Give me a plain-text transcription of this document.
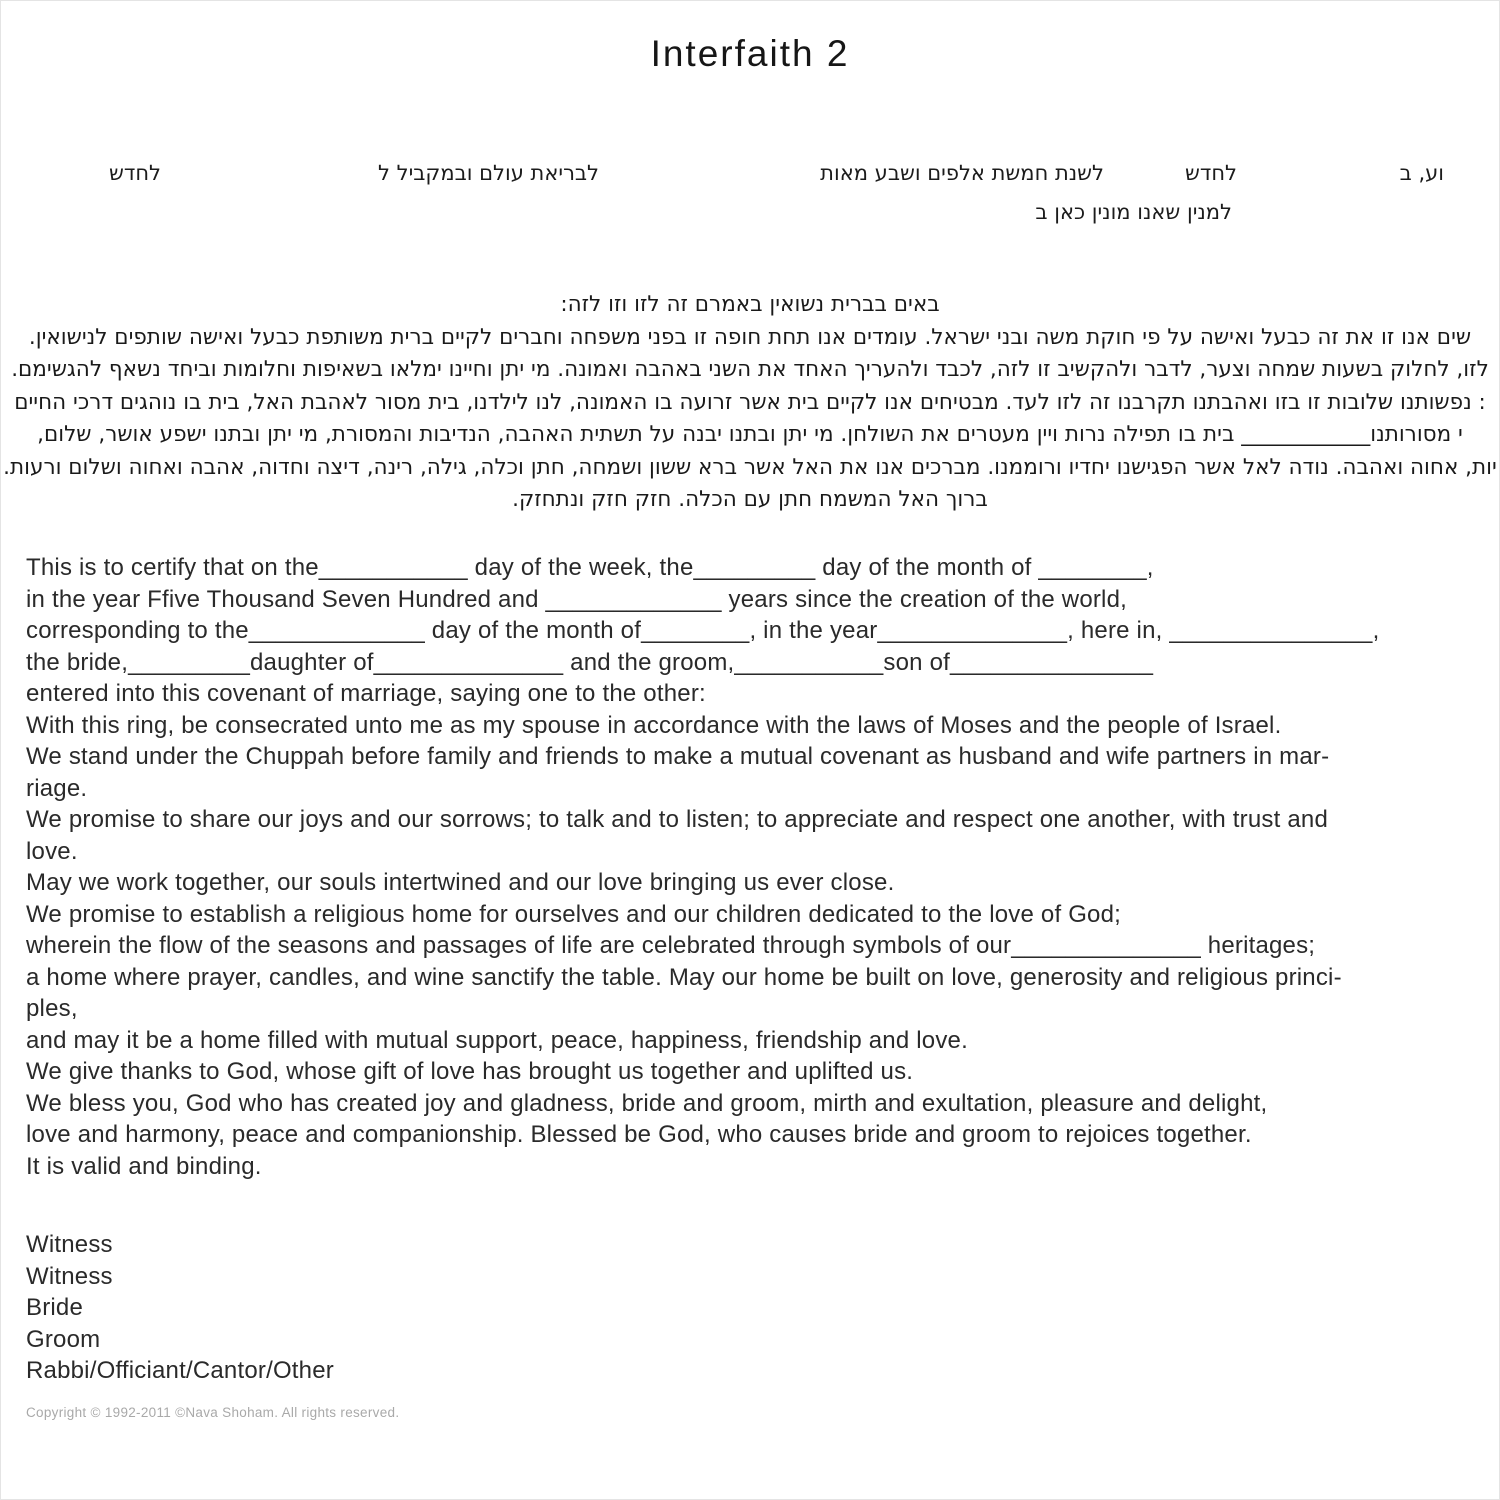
Interfaith 2
וע, ב
לחדש
לשנת חמשת אלפים ושבע מאות
לבריאת עולם ובמקביל ל
לחדש
למנין שאנו מונין כאן ב
באים בברית נשואין באמרם זה לזו וזו לזה:
שים אנו זו את זה כבעל ואישה על פי חוקת משה ובני ישראל. עומדים אנו תחת חופה זו בפני משפחה וחברים לקיים ברית משותפת כבעל ואישה שותפים לנישואין.
לזו, לחלוק בשעות שמחה וצער, לדבר ולהקשיב זו לזה, לכבד ולהעריך האחד את השני באהבה ואמונה. מי יתן וחיינו ימלאו בשאיפות וחלומות וביחד נשאף להגשימם.
: נפשותנו שלובות זו בזו ואהבתנו תקרבנו זה לזו לעד. מבטיחים אנו לקיים בית אשר זרועה בו האמונה, לנו לילדנו, בית מסור לאהבת האל, בית בו נוהגים דרכי החיים
י מסורותנו____________ בית בו תפילה נרות ויין מעטרים את השולחן. מי יתן ובתנו יבנה על תשתית האהבה, הנדיבות והמסורת, מי יתן ובתנו ישפע אושר, שלום,
יות, אחוה ואהבה. נודה לאל אשר הפגישנו יחדיו ורוממנו. מברכים אנו את האל אשר ברא ששון ושמחה, חתן וכלה, גילה, רינה, דיצה וחדוה, אהבה ואחוה ושלום ורעות.
ברוך האל המשמח חתן עם הכלה. חזק חזק ונתחזק.
This is to certify that on the___________ day of the week, the_________ day of the month of ________,
in the year Ffive Thousand Seven Hundred and _____________ years since the creation of the world,
corresponding to the_____________ day of the month of________, in the year______________, here in, _______________,
the bride,_________daughter of______________ and the groom,___________son of_______________
entered into this covenant of marriage, saying one to the other:
With this ring, be consecrated unto me as my spouse in accordance with the laws of Moses and the people of Israel.
We stand under the Chuppah before family and friends to make a mutual covenant as husband and wife partners in mar-
riage.
We promise to share our joys and our sorrows; to talk and to listen; to appreciate and respect one another, with trust and
love.
May we work together, our souls intertwined and our love bringing us ever close.
We promise to establish a religious home for ourselves and our children dedicated to the love of God;
wherein the flow of the seasons and passages of life are celebrated through symbols of our______________ heritages;
a home where prayer, candles, and wine sanctify the table. May our home be built on love, generosity and religious princi-
ples,
and may it be a home filled with mutual support, peace, happiness, friendship and love.
We give thanks to God, whose gift of love has brought us together and uplifted us.
We bless you, God who has created joy and gladness, bride and groom, mirth and exultation, pleasure and delight,
love and harmony, peace and companionship. Blessed be God, who causes bride and groom to rejoices together.
It is valid and binding.
Witness
Witness
Bride
Groom
Rabbi/Officiant/Cantor/Other
Copyright © 1992-2011 ©Nava Shoham. All rights reserved.
